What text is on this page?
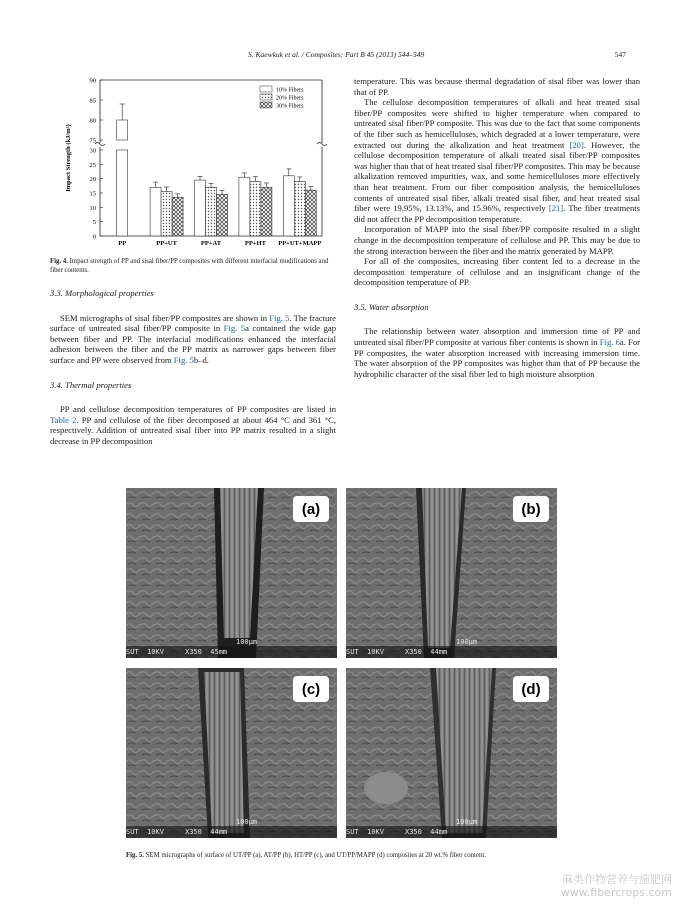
S. Kaewkuk et al. / Composites: Part B 45 (2013) 544–549	547
0
5
10
15
20
25
30
75
80
85
90
Impact Strength (kJ/m²)
PP	PP+UT	PP+AT	PP+HT PP+UT+MAPP
10% Fibers
20% Fibers
30% Fibers
Fig. 4. Impact strength of PP and sisal fiber/PP composites with different interfacial modifications and fiber contents.

3.3. Morphological properties

SEM micrographs of sisal fiber/PP composites are shown in Fig. 5. The fracture surface of untreated sisal fiber/PP composite in Fig. 5a contained the wide gap between fiber and PP. The interfacial modifications enhanced the interfacial adhesion between the fiber and the PP matrix as narrower gaps between fiber surface and PP were observed from Fig. 5b–d.

3.4. Thermal properties

PP and cellulose decomposition temperatures of PP composites are listed in Table 2. PP and cellulose of the fiber decomposed at about 464 °C and 361 °C, respectively. Addition of untreated sisal fiber into PP matrix resulted in a slight decrease in PP decomposition

temperature. This was because thermal degradation of sisal fiber was lower than that of PP.

The cellulose decomposition temperatures of alkali and heat treated sisal fiber/PP composites were shifted to higher temperature when compared to untreated sisal fiber/PP composite. This was due to the fact that some components of the fiber such as hemicelluloses, which degraded at a lower temperature, were extracted out during the alkalization and heat treatment [20]. However, the cellulose decomposition temperature of alkali treated sisal fiber/PP composites was higher than that of heat treated sisal fiber/PP composites. This may be because alkalization removed impurities, wax, and some hemicelluloses more effectively than heat treatment. From our fiber composition analysis, the hemicelluloses contents of untreated sisal fiber, alkali treated sisal fiber, and heat treated sisal fiber were 19.95%, 13.13%, and 15.96%, respectively [21]. The fiber treatments did not affect the PP decomposition temperature.

Incorporation of MAPP into the sisal fiber/PP composite resulted in a slight change in the decomposition temperature of cellulose and PP. This may be due to the strong interaction between the fiber and the matrix generated by MAPP.

For all of the composites, increasing fiber content led to a decrease in the decomposition temperature of cellulose and an insignificant change of the decomposition temperature of PP.

3.5. Water absorption

The relationship between water absorption and immersion time of PP and untreated sisal fiber/PP composite at various fiber contents is shown in Fig. 6a. For PP composites, the water absorption increased with increasing immersion time. The water absorption of the PP composites was higher than that of PP because the hydrophilic character of the sisal fiber led to high moisture absorption

(a)
100µm
SUT  10KV     X350  45mm
(b)
100µm
SUT  10KV     X350  44mm
(c)
100µm
SUT  10KV     X350  44mm
(d)
100µm
SUT  10KV     X350  44mm
Fig. 5. SEM micrographs of surface of UT/PP (a), AT/PP (b), HT/PP (c), and UT/PP/MAPP (d) composites at 20 wt.% fiber content.
麻类作物营养与施肥网
www.fibercrops.com
